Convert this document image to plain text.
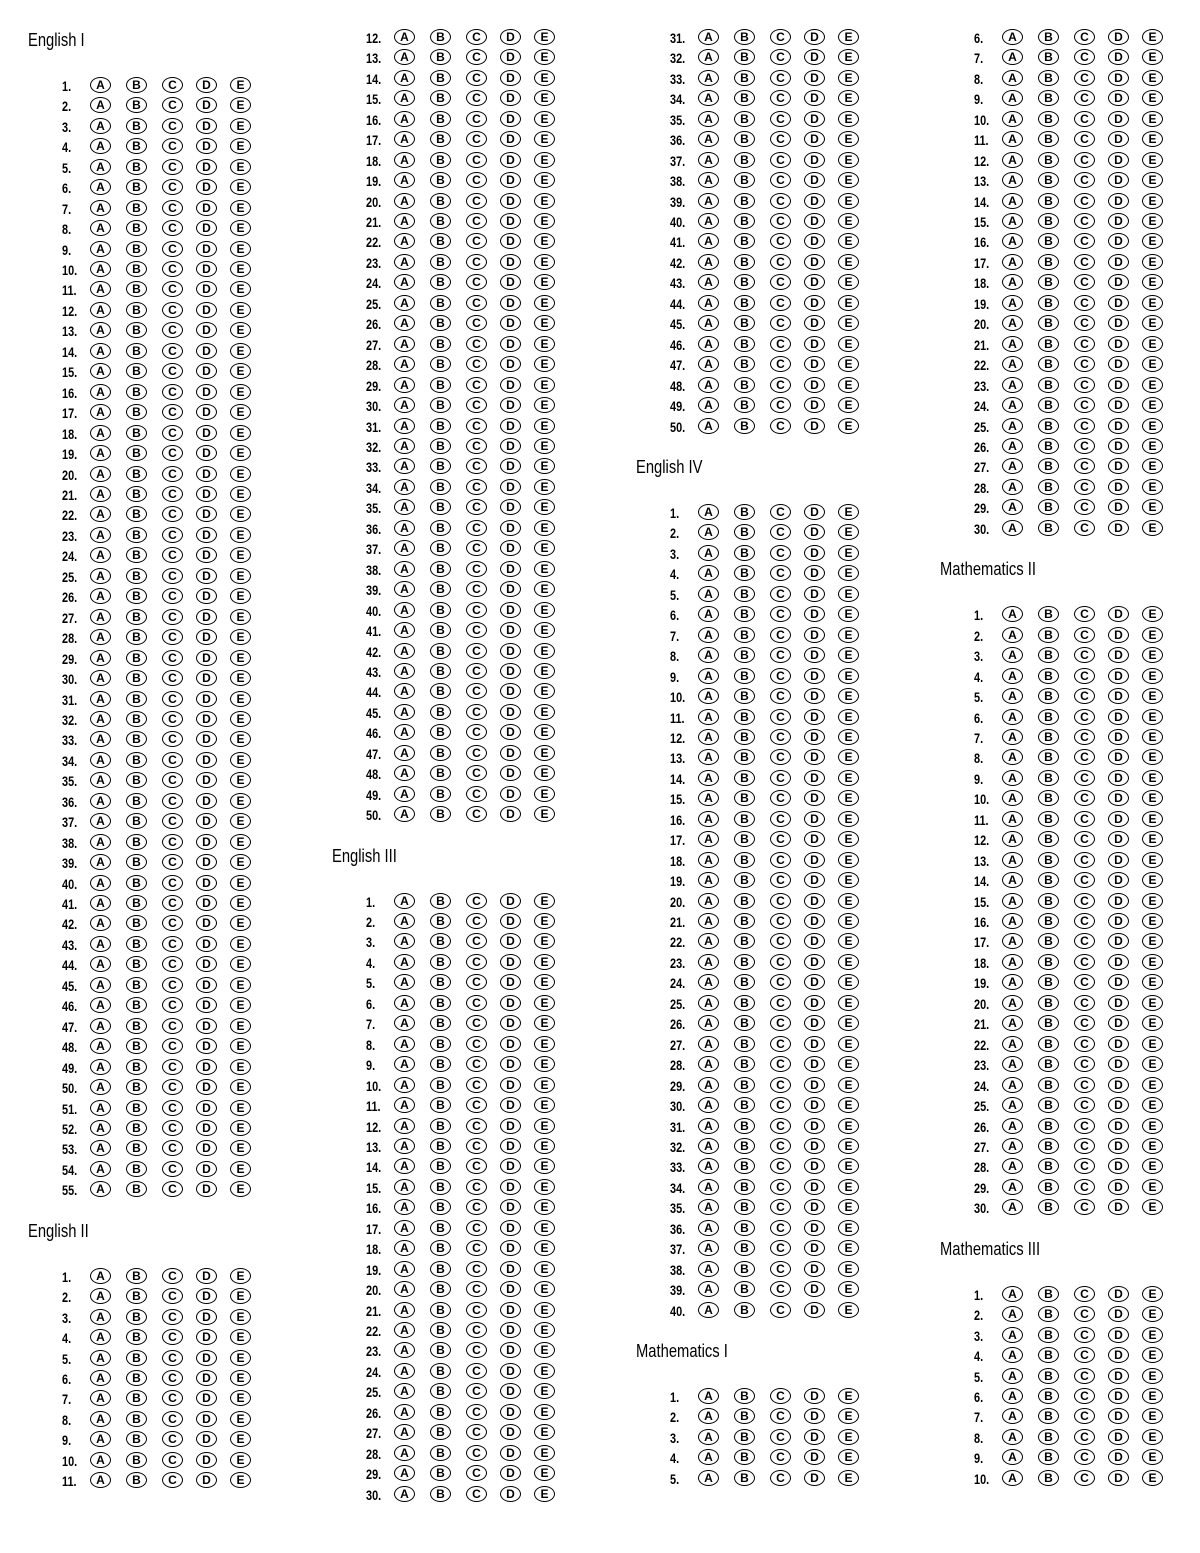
English I
1.	A	B	C	D	E
2.	A	B	C	D	E
3.	A	B	C	D	E
4.	A	B	C	D	E
5.	A	B	C	D	E
6.	A	B	C	D	E
7.	A	B	C	D	E
8.	A	B	C	D	E
9.	A	B	C	D	E
10.	A	B	C	D	E
11.	A	B	C	D	E
12.	A	B	C	D	E
13.	A	B	C	D	E
14.	A	B	C	D	E
15.	A	B	C	D	E
16.	A	B	C	D	E
17.	A	B	C	D	E
18.	A	B	C	D	E
19.	A	B	C	D	E
20.	A	B	C	D	E
21.	A	B	C	D	E
22.	A	B	C	D	E
23.	A	B	C	D	E
24.	A	B	C	D	E
25.	A	B	C	D	E
26.	A	B	C	D	E
27.	A	B	C	D	E
28.	A	B	C	D	E
29.	A	B	C	D	E
30.	A	B	C	D	E
31.	A	B	C	D	E
32.	A	B	C	D	E
33.	A	B	C	D	E
34.	A	B	C	D	E
35.	A	B	C	D	E
36.	A	B	C	D	E
37.	A	B	C	D	E
38.	A	B	C	D	E
39.	A	B	C	D	E
40.	A	B	C	D	E
41.	A	B	C	D	E
42.	A	B	C	D	E
43.	A	B	C	D	E
44.	A	B	C	D	E
45.	A	B	C	D	E
46.	A	B	C	D	E
47.	A	B	C	D	E
48.	A	B	C	D	E
49.	A	B	C	D	E
50.	A	B	C	D	E
51.	A	B	C	D	E
52.	A	B	C	D	E
53.	A	B	C	D	E
54.	A	B	C	D	E
55.	A	B	C	D	E
English II
1.	A	B	C	D	E
2.	A	B	C	D	E
3.	A	B	C	D	E
4.	A	B	C	D	E
5.	A	B	C	D	E
6.	A	B	C	D	E
7.	A	B	C	D	E
8.	A	B	C	D	E
9.	A	B	C	D	E
10.	A	B	C	D	E
11.	A	B	C	D	E
12.	A	B	C	D	E
13.	A	B	C	D	E
14.	A	B	C	D	E
15.	A	B	C	D	E
16.	A	B	C	D	E
17.	A	B	C	D	E
18.	A	B	C	D	E
19.	A	B	C	D	E
20.	A	B	C	D	E
21.	A	B	C	D	E
22.	A	B	C	D	E
23.	A	B	C	D	E
24.	A	B	C	D	E
25.	A	B	C	D	E
26.	A	B	C	D	E
27.	A	B	C	D	E
28.	A	B	C	D	E
29.	A	B	C	D	E
30.	A	B	C	D	E
31.	A	B	C	D	E
32.	A	B	C	D	E
33.	A	B	C	D	E
34.	A	B	C	D	E
35.	A	B	C	D	E
36.	A	B	C	D	E
37.	A	B	C	D	E
38.	A	B	C	D	E
39.	A	B	C	D	E
40.	A	B	C	D	E
41.	A	B	C	D	E
42.	A	B	C	D	E
43.	A	B	C	D	E
44.	A	B	C	D	E
45.	A	B	C	D	E
46.	A	B	C	D	E
47.	A	B	C	D	E
48.	A	B	C	D	E
49.	A	B	C	D	E
50.	A	B	C	D	E
English III
1.	A	B	C	D	E
2.	A	B	C	D	E
3.	A	B	C	D	E
4.	A	B	C	D	E
5.	A	B	C	D	E
6.	A	B	C	D	E
7.	A	B	C	D	E
8.	A	B	C	D	E
9.	A	B	C	D	E
10.	A	B	C	D	E
11.	A	B	C	D	E
12.	A	B	C	D	E
13.	A	B	C	D	E
14.	A	B	C	D	E
15.	A	B	C	D	E
16.	A	B	C	D	E
17.	A	B	C	D	E
18.	A	B	C	D	E
19.	A	B	C	D	E
20.	A	B	C	D	E
21.	A	B	C	D	E
22.	A	B	C	D	E
23.	A	B	C	D	E
24.	A	B	C	D	E
25.	A	B	C	D	E
26.	A	B	C	D	E
27.	A	B	C	D	E
28.	A	B	C	D	E
29.	A	B	C	D	E
30.	A	B	C	D	E
31.	A	B	C	D	E
32.	A	B	C	D	E
33.	A	B	C	D	E
34.	A	B	C	D	E
35.	A	B	C	D	E
36.	A	B	C	D	E
37.	A	B	C	D	E
38.	A	B	C	D	E
39.	A	B	C	D	E
40.	A	B	C	D	E
41.	A	B	C	D	E
42.	A	B	C	D	E
43.	A	B	C	D	E
44.	A	B	C	D	E
45.	A	B	C	D	E
46.	A	B	C	D	E
47.	A	B	C	D	E
48.	A	B	C	D	E
49.	A	B	C	D	E
50.	A	B	C	D	E
English IV
1.	A	B	C	D	E
2.	A	B	C	D	E
3.	A	B	C	D	E
4.	A	B	C	D	E
5.	A	B	C	D	E
6.	A	B	C	D	E
7.	A	B	C	D	E
8.	A	B	C	D	E
9.	A	B	C	D	E
10.	A	B	C	D	E
11.	A	B	C	D	E
12.	A	B	C	D	E
13.	A	B	C	D	E
14.	A	B	C	D	E
15.	A	B	C	D	E
16.	A	B	C	D	E
17.	A	B	C	D	E
18.	A	B	C	D	E
19.	A	B	C	D	E
20.	A	B	C	D	E
21.	A	B	C	D	E
22.	A	B	C	D	E
23.	A	B	C	D	E
24.	A	B	C	D	E
25.	A	B	C	D	E
26.	A	B	C	D	E
27.	A	B	C	D	E
28.	A	B	C	D	E
29.	A	B	C	D	E
30.	A	B	C	D	E
31.	A	B	C	D	E
32.	A	B	C	D	E
33.	A	B	C	D	E
34.	A	B	C	D	E
35.	A	B	C	D	E
36.	A	B	C	D	E
37.	A	B	C	D	E
38.	A	B	C	D	E
39.	A	B	C	D	E
40.	A	B	C	D	E
Mathematics I
1.	A	B	C	D	E
2.	A	B	C	D	E
3.	A	B	C	D	E
4.	A	B	C	D	E
5.	A	B	C	D	E
6.	A	B	C	D	E
7.	A	B	C	D	E
8.	A	B	C	D	E
9.	A	B	C	D	E
10.	A	B	C	D	E
11.	A	B	C	D	E
12.	A	B	C	D	E
13.	A	B	C	D	E
14.	A	B	C	D	E
15.	A	B	C	D	E
16.	A	B	C	D	E
17.	A	B	C	D	E
18.	A	B	C	D	E
19.	A	B	C	D	E
20.	A	B	C	D	E
21.	A	B	C	D	E
22.	A	B	C	D	E
23.	A	B	C	D	E
24.	A	B	C	D	E
25.	A	B	C	D	E
26.	A	B	C	D	E
27.	A	B	C	D	E
28.	A	B	C	D	E
29.	A	B	C	D	E
30.	A	B	C	D	E
Mathematics II
1.	A	B	C	D	E
2.	A	B	C	D	E
3.	A	B	C	D	E
4.	A	B	C	D	E
5.	A	B	C	D	E
6.	A	B	C	D	E
7.	A	B	C	D	E
8.	A	B	C	D	E
9.	A	B	C	D	E
10.	A	B	C	D	E
11.	A	B	C	D	E
12.	A	B	C	D	E
13.	A	B	C	D	E
14.	A	B	C	D	E
15.	A	B	C	D	E
16.	A	B	C	D	E
17.	A	B	C	D	E
18.	A	B	C	D	E
19.	A	B	C	D	E
20.	A	B	C	D	E
21.	A	B	C	D	E
22.	A	B	C	D	E
23.	A	B	C	D	E
24.	A	B	C	D	E
25.	A	B	C	D	E
26.	A	B	C	D	E
27.	A	B	C	D	E
28.	A	B	C	D	E
29.	A	B	C	D	E
30.	A	B	C	D	E
Mathematics III
1.	A	B	C	D	E
2.	A	B	C	D	E
3.	A	B	C	D	E
4.	A	B	C	D	E
5.	A	B	C	D	E
6.	A	B	C	D	E
7.	A	B	C	D	E
8.	A	B	C	D	E
9.	A	B	C	D	E
10.	A	B	C	D	E
